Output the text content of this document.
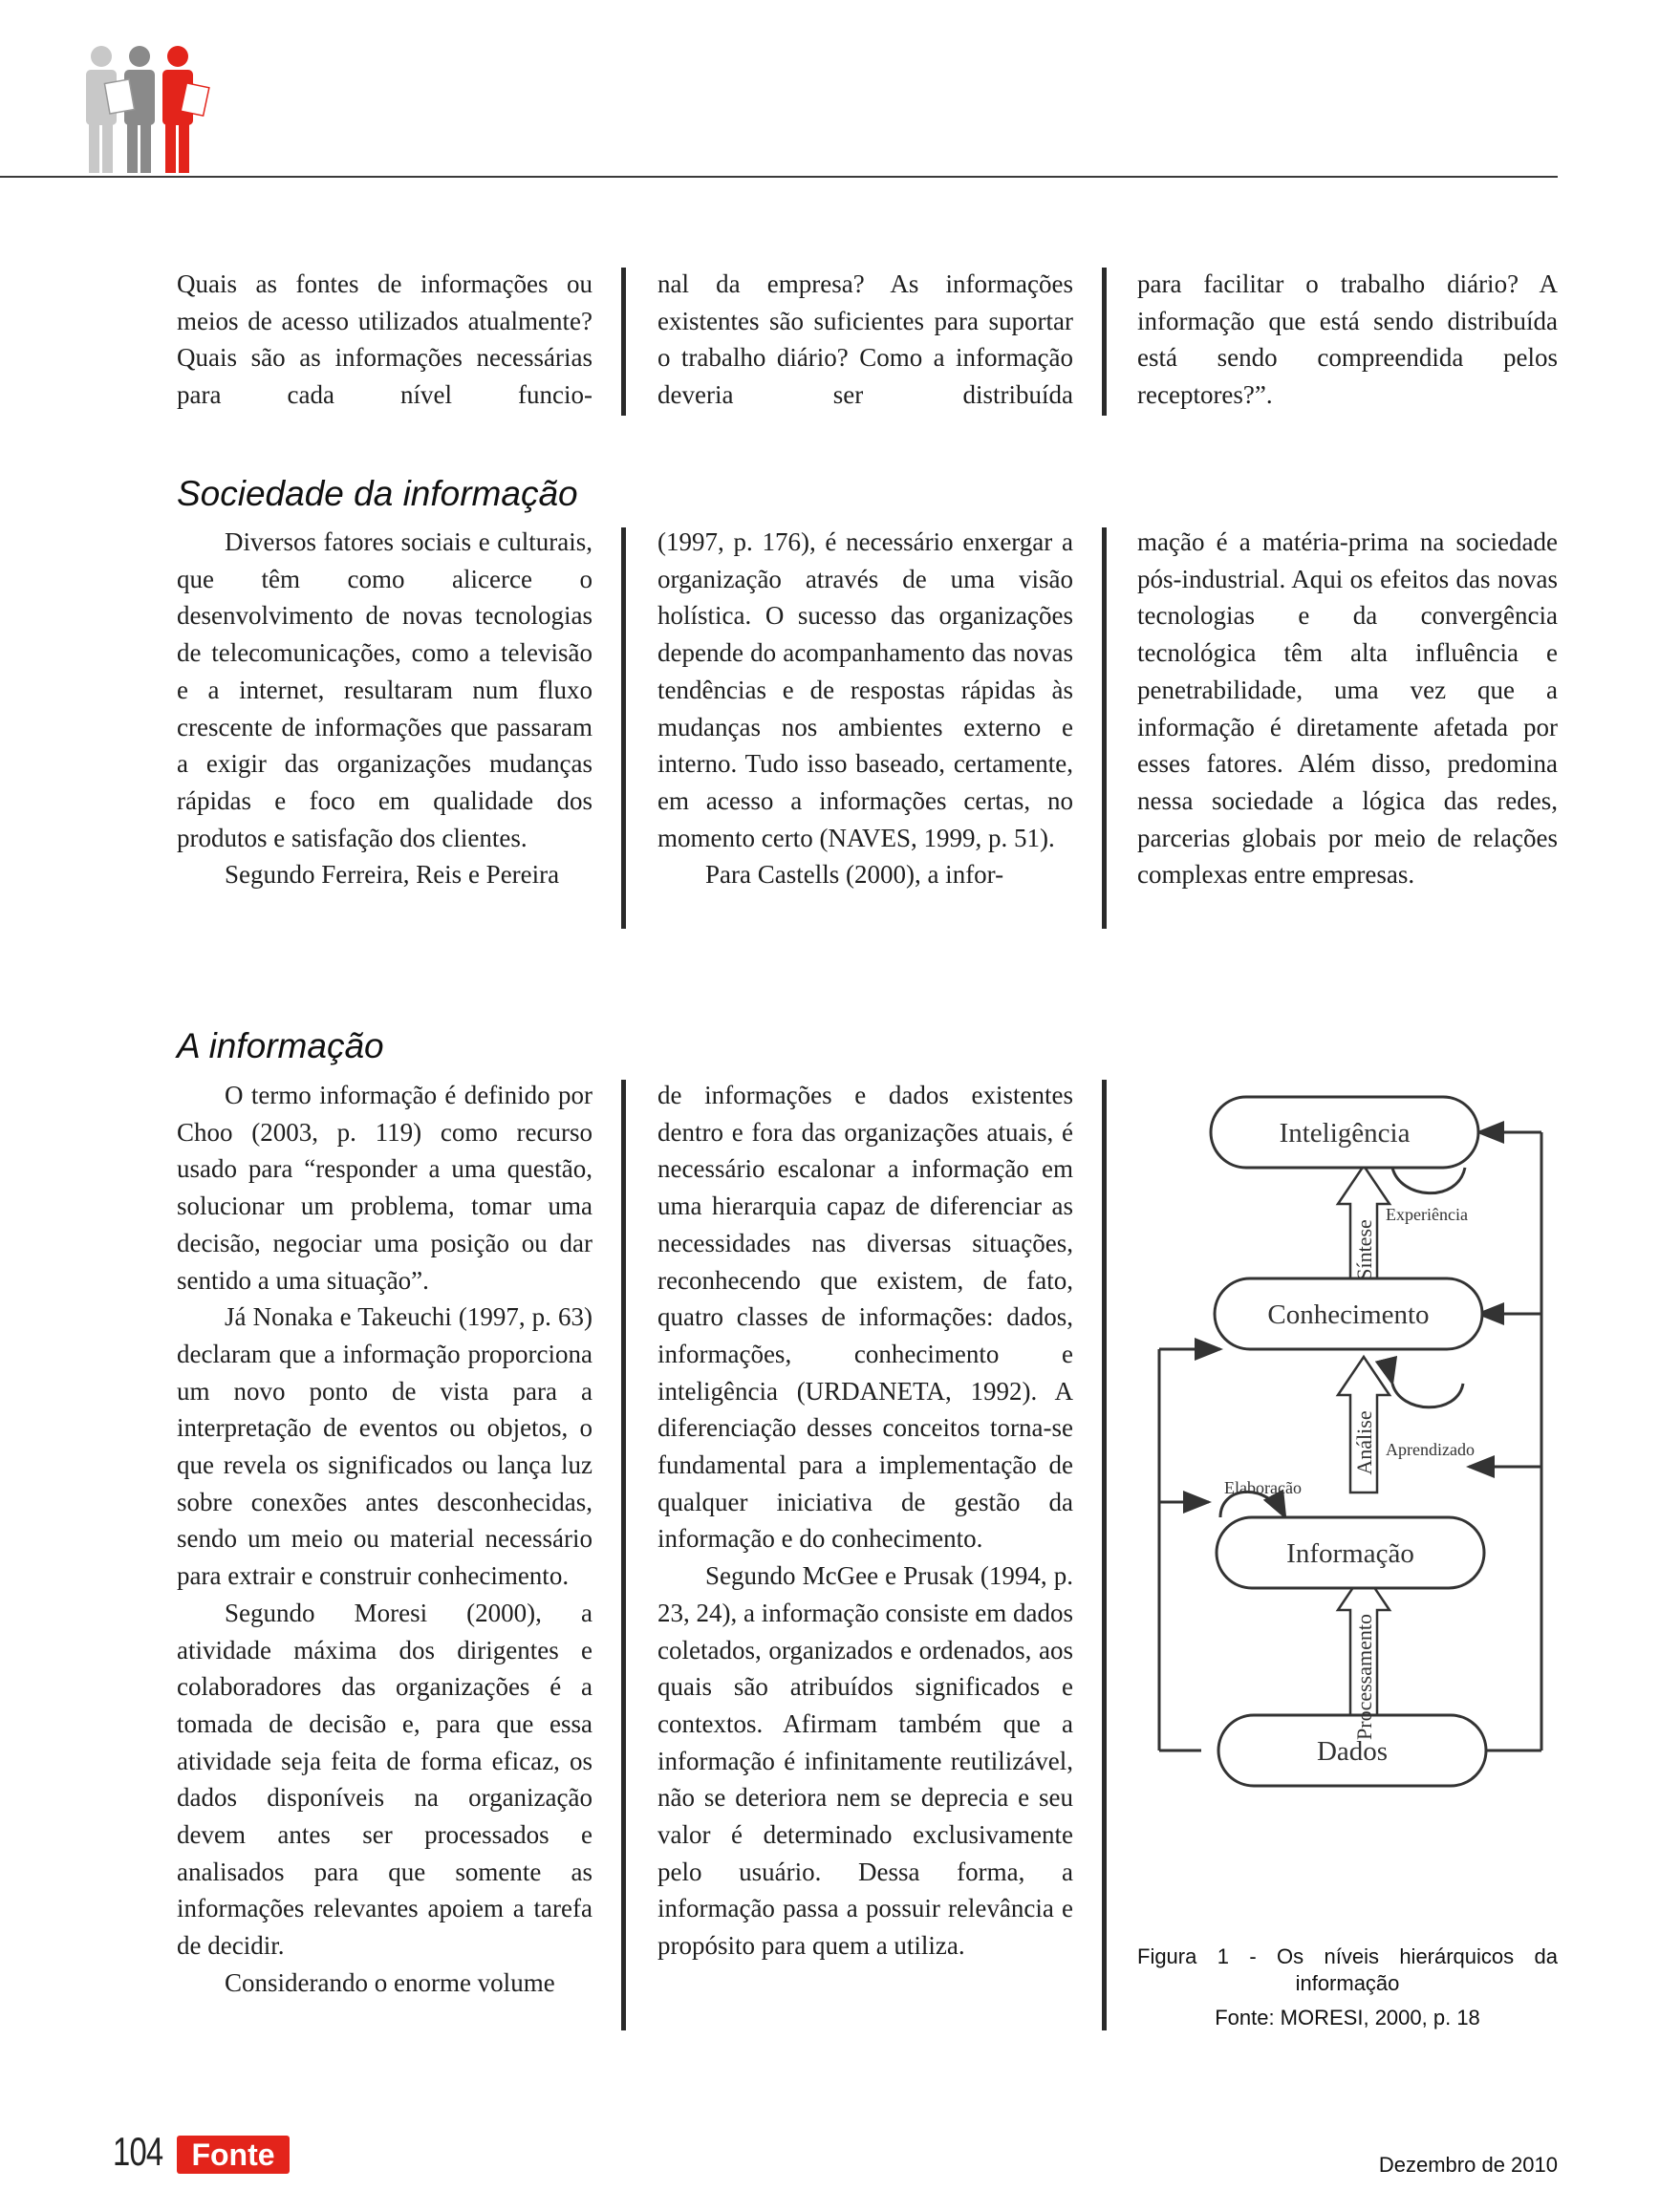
Quais as fontes de informações ou meios de acesso utilizados atualmente? Quais são as informações necessárias para cada nível funcio-

nal da empresa? As informações existentes são suficientes para suportar o trabalho diário? Como a informação deveria ser distribuída

para facilitar o trabalho diário? A informação que está sendo distribuída está sendo compreendida pelos receptores?”.

Sociedade da informação

Diversos fatores sociais e culturais, que têm como alicerce o desenvolvimento de novas tecnologias de telecomunicações, como a televisão e a internet, resultaram num fluxo crescente de informações que passaram a exigir das organizações mudanças rápidas e foco em qualidade dos produtos e satisfação dos clientes.

Segundo Ferreira, Reis e Pereira

(1997, p. 176), é necessário enxergar a organização através de uma visão holística. O sucesso das organizações depende do acompanhamento das novas tendências e de respostas rápidas às mudanças nos ambientes externo e interno. Tudo isso baseado, certamente, em acesso a informações certas, no momento certo (NAVES, 1999, p. 51).

Para Castells (2000), a infor-

mação é a matéria-prima na sociedade pós-industrial. Aqui os efeitos das novas tecnologias e da convergência tecnológica têm alta influência e penetrabilidade, uma vez que a informação é diretamente afetada por esses fatores. Além disso, predomina nessa sociedade a lógica das redes, parcerias globais por meio de relações complexas entre empresas.

A informação

O termo informação é definido por Choo (2003, p. 119) como recurso usado para “responder a uma questão, solucionar um problema, tomar uma decisão, negociar uma posição ou dar sentido a uma situação”.

Já Nonaka e Takeuchi (1997, p. 63) declaram que a informação proporciona um novo ponto de vista para a interpretação de eventos ou objetos, o que revela os significados ou lança luz sobre conexões antes desconhecidas, sendo um meio ou material necessário para extrair e construir conhecimento.

Segundo Moresi (2000), a atividade máxima dos dirigentes e colaboradores das organizações é a tomada de decisão e, para que essa atividade seja feita de forma eficaz, os dados disponíveis na organização devem antes ser processados e analisados para que somente as informações relevantes apoiem a tarefa de decidir.

Considerando o enorme volume

de informações e dados existentes dentro e fora das organizações atuais, é necessário escalonar a informação em uma hierarquia capaz de diferenciar as necessidades nas diversas situações, reconhecendo que existem, de fato, quatro classes de informações: dados, informações, conhecimento e inteligência (URDANETA, 1992). A diferenciação desses conceitos torna-se fundamental para a implementação de qualquer iniciativa de gestão da informação e do conhecimento.

Segundo McGee e Prusak (1994, p. 23, 24), a informação consiste em dados coletados, organizados e ordenados, aos quais são atribuídos significados e contextos. Afirmam também que a informação é infinitamente reutilizável, não se deteriora nem se deprecia e seu valor é determinado exclusivamente pelo usuário. Dessa forma, a informação passa a possuir relevância e propósito para quem a utiliza.

Inteligência
Conhecimento
Informação
Dados
Síntese
Análise
Processamento
Experiência
Aprendizado
Elaboração
Figura 1 - Os níveis hierárquicos da
informação
Fonte: MORESI, 2000, p. 18
104 Fonte	Dezembro de 2010
